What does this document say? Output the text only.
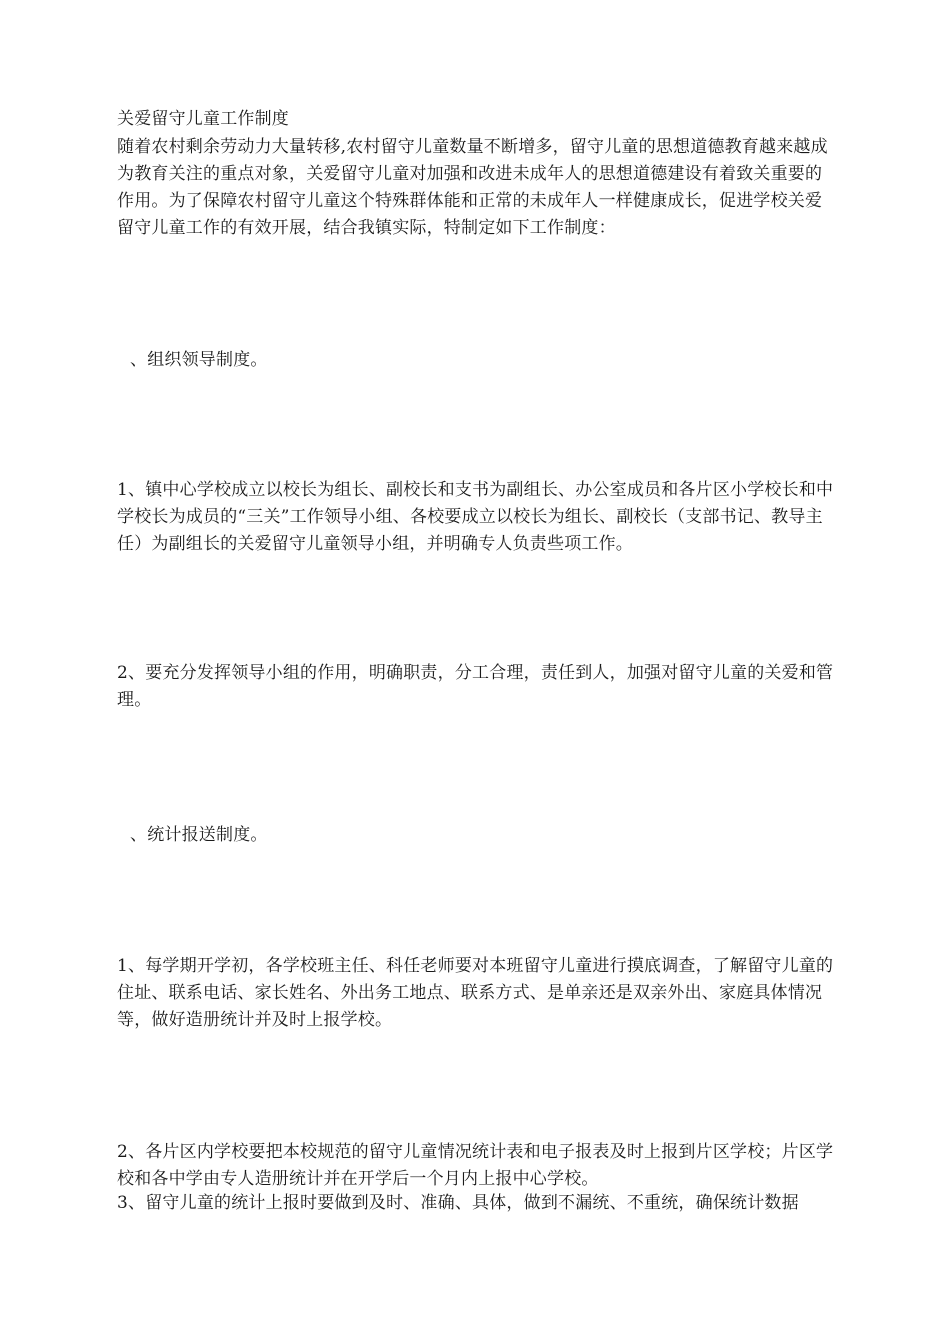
关爱留守儿童工作制度
随着农村剩余劳动力大量转移,农村留守儿童数量不断增多，留守儿童的思想道德教育越来越成为教育关注的重点对象，关爱留守儿童对加强和改进未成年人的思想道德建设有着致关重要的作用。为了保障农村留守儿童这个特殊群体能和正常的未成年人一样健康成长，促进学校关爱留守儿童工作的有效开展，结合我镇实际，特制定如下工作制度：
、组织领导制度。
1、镇中心学校成立以校长为组长、副校长和支书为副组长、办公室成员和各片区小学校长和中学校长为成员的“三关”工作领导小组、各校要成立以校长为组长、副校长（支部书记、教导主任）为副组长的关爱留守儿童领导小组，并明确专人负责些项工作。
2、要充分发挥领导小组的作用，明确职责，分工合理，责任到人，加强对留守儿童的关爱和管理。
、统计报送制度。
1、每学期开学初，各学校班主任、科任老师要对本班留守儿童进行摸底调查，了解留守儿童的住址、联系电话、家长姓名、外出务工地点、联系方式、是单亲还是双亲外出、家庭具体情况等，做好造册统计并及时上报学校。
2、各片区内学校要把本校规范的留守儿童情况统计表和电子报表及时上报到片区学校；片区学校和各中学由专人造册统计并在开学后一个月内上报中心学校。
3、留守儿童的统计上报时要做到及时、准确、具体，做到不漏统、不重统，确保统计数据
